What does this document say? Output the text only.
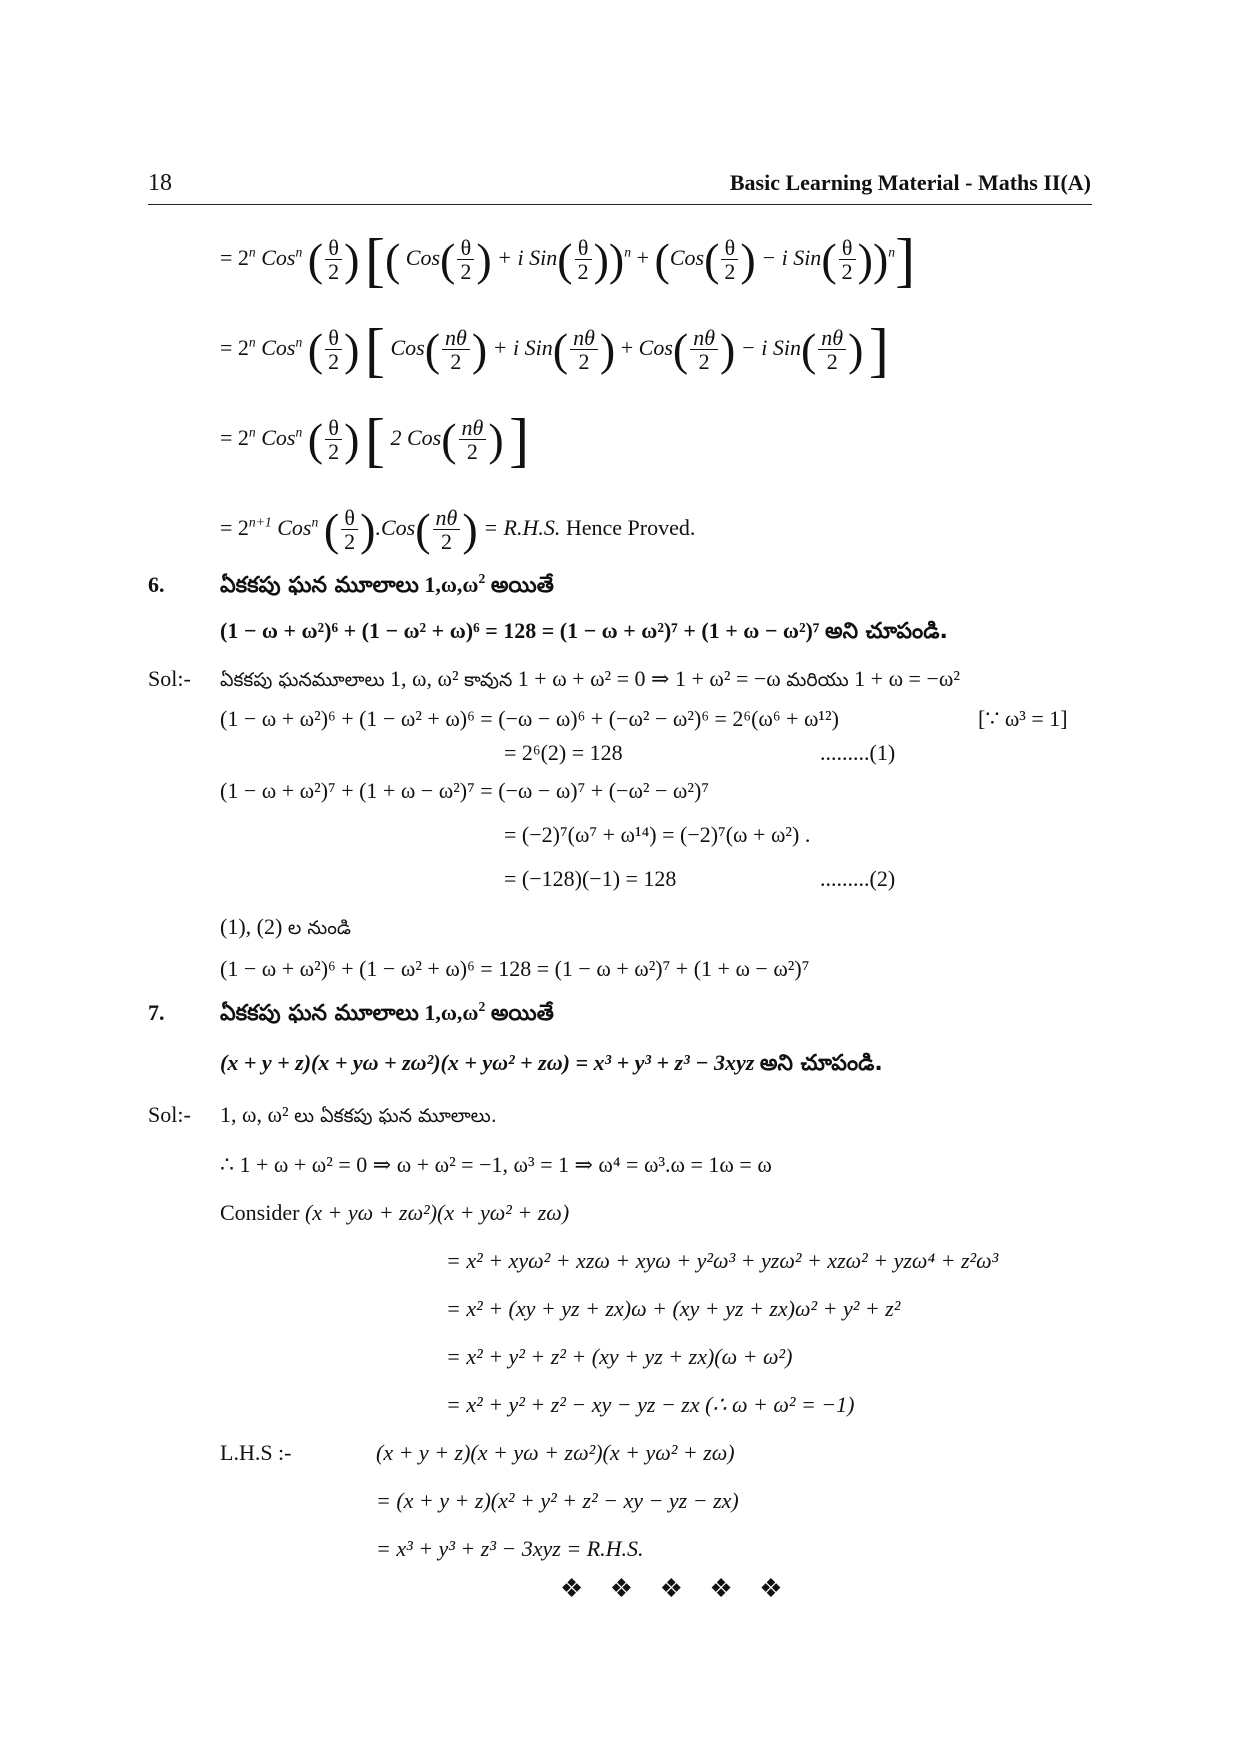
18	Basic Learning Material - Maths II(A)
= $2^n$ Cos$^n$ ( $\frac{\theta}{2}$ ) [( $Cos( \frac{\theta}{2}$ ) + i $Sin( \frac{\theta}{2} ))^n + (Cos( \frac{\theta}{2}$ ) − i $Sin( \frac{\theta}{2} ))^n$]
= $2^n$ Cos$^n$ ( $\frac{\theta}{2}$ ) [ $Cos( \frac{n\theta}{2}$ ) + i $Sin( \frac{n\theta}{2}$ ) + $Cos( \frac{n\theta}{2}$ ) − i $Sin( \frac{n\theta}{2}$ ) ]
= $2^n$ Cos$^n$ ( $\frac{\theta}{2}$ ) [ 2 $Cos( \frac{n\theta}{2}$ ) ]
= $2^{n+1}$ Cos$^n$ ( $\frac{\theta}{2} ).Cos( \frac{n\theta}{2}$ ) = R.H.S. Hence Proved.
6.	ఏకకపు ఘన మూలాలు $1,\omega,\omega^2$ అయితే
(1 − ω + ω²)⁶ + (1 − ω² + ω)⁶ = 128 = (1 − ω + ω²)⁷ + (1 + ω − ω²)⁷ అని చూపండి.
Sol:- ఏకకపు ఘనమూలాలు 1, ω, ω² కావున 1 + ω + ω² = 0 ⇒ 1 + ω² = −ω మరియు 1 + ω = −ω²
(1 − ω + ω²)⁶ + (1 − ω² + ω)⁶ = (−ω − ω)⁶ + (−ω² − ω²)⁶ = 2⁶(ω⁶ + ω¹²)	[∵ ω³ = 1]
= 2⁶(2) = 128	.........(1)
(1 − ω + ω²)⁷ + (1 + ω − ω²)⁷ = (−ω − ω)⁷ + (−ω² − ω²)⁷
= (−2)⁷(ω⁷ + ω¹⁴) = (−2)⁷(ω + ω²) .
= (−128)(−1) = 128	.........(2)
(1), (2) ల నుండి
(1 − ω + ω²)⁶ + (1 − ω² + ω)⁶ = 128 = (1 − ω + ω²)⁷ + (1 + ω − ω²)⁷
7.	ఏకకపు ఘన మూలాలు $1,\omega,\omega^2$ అయితే
(x + y + z)(x + yω + zω²)(x + yω² + zω) = x³ + y³ + z³ − 3xyz అని చూపండి.
Sol:- 1, ω, ω² లు ఏకకపు ఘన మూలాలు.
∴ 1 + ω + ω² = 0 ⇒ ω + ω² = −1, ω³ = 1 ⇒ ω⁴ = ω³.ω = 1ω = ω
Consider (x + yω + zω²)(x + yω² + zω)
= x² + xyω² + xzω + xyω + y²ω³ + yzω² + xzω² + yzω⁴ + z²ω³
= x² + (xy + yz + zx)ω + (xy + yz + zx)ω² + y² + z²
= x² + y² + z² + (xy + yz + zx)(ω + ω²)
= x² + y² + z² − xy − yz − zx (∴ ω + ω² = −1)
L.H.S :-	(x + y + z)(x + yω + zω²)(x + yω² + zω)
= (x + y + z)(x² + y² + z² − xy − yz − zx)
= x³ + y³ + z³ − 3xyz = R.H.S.
❖ ❖ ❖ ❖ ❖
